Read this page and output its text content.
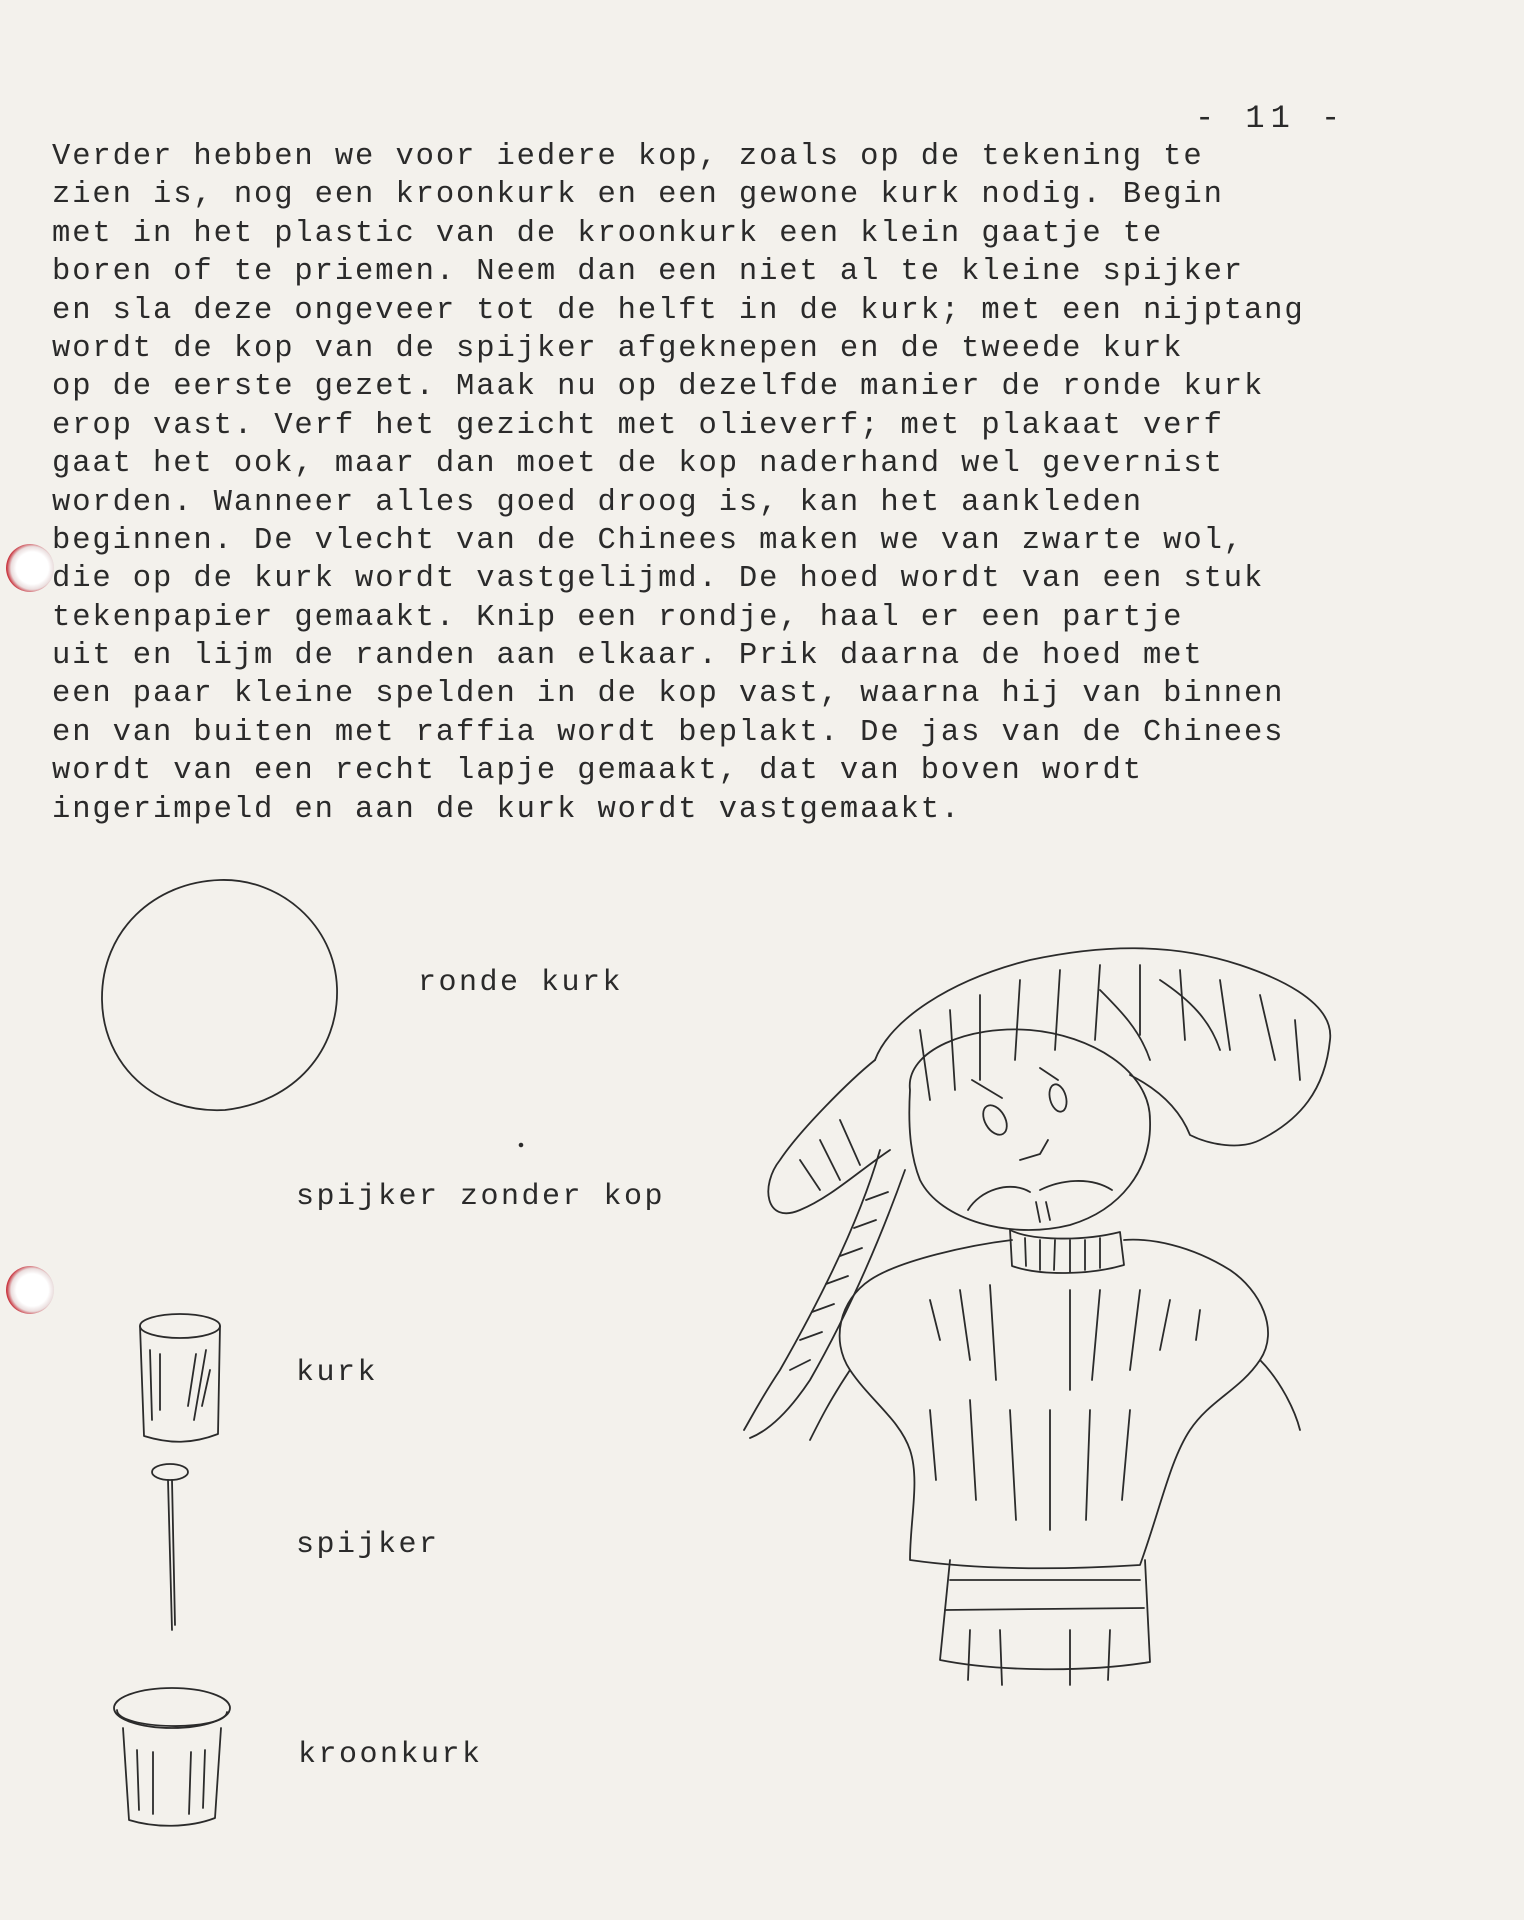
- 11 -
Verder hebben we voor iedere kop, zoals op de tekening te
zien is, nog een kroonkurk en een gewone kurk nodig. Begin
met in het plastic van de kroonkurk een klein gaatje te
boren of te priemen. Neem dan een niet al te kleine spijker
en sla deze ongeveer tot de helft in de kurk; met een nijptang
wordt de kop van de spijker afgeknepen en de tweede kurk
op de eerste gezet. Maak nu op dezelfde manier de ronde kurk
erop vast. Verf het gezicht met olieverf; met plakaat verf
gaat het ook, maar dan moet de kop naderhand wel gevernist
worden. Wanneer alles goed droog is, kan het aankleden
beginnen. De vlecht van de Chinees maken we van zwarte wol,
die op de kurk wordt vastgelijmd. De hoed wordt van een stuk
tekenpapier gemaakt. Knip een rondje, haal er een partje
uit en lijm de randen aan elkaar. Prik daarna de hoed met
een paar kleine spelden in de kop vast, waarna hij van binnen
en van buiten met raffia wordt beplakt. De jas van de Chinees
wordt van een recht lapje gemaakt, dat van boven wordt
ingerimpeld en aan de kurk wordt vastgemaakt.
ronde kurk
spijker zonder kop
kurk
spijker
kroonkurk
